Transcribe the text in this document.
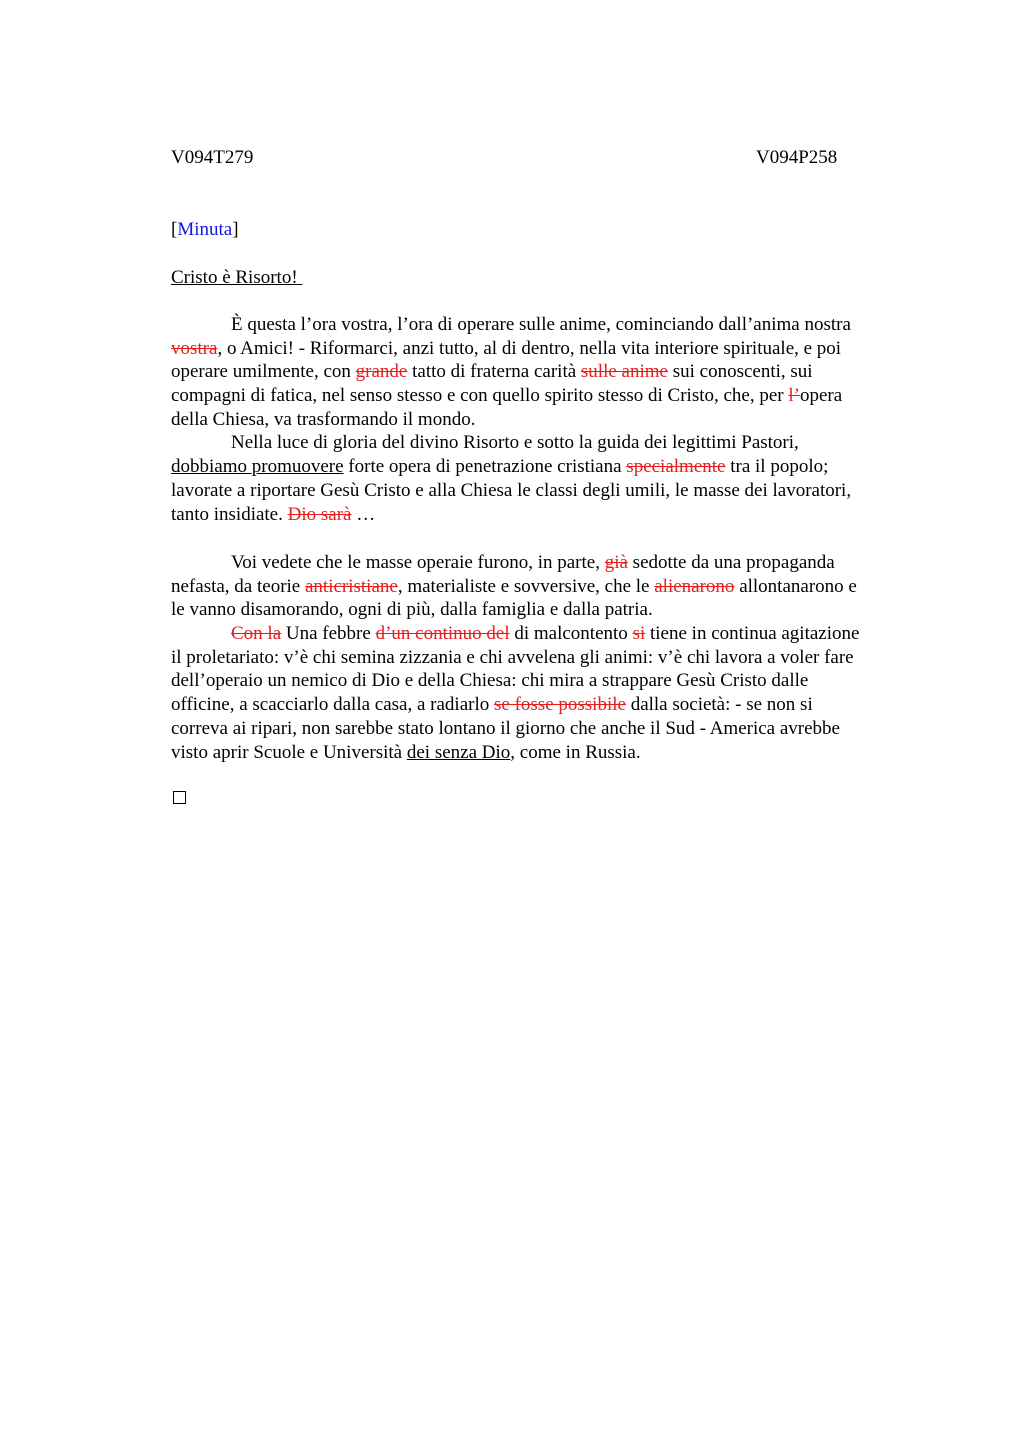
V094T279	V094P258
[Minuta]
Cristo è Risorto!
È questa l’ora vostra, l’ora di operare sulle anime, cominciando dall’anima nostra
vostra, o Amici! - Riformarci, anzi tutto, al di dentro, nella vita interiore spirituale, e poi
operare umilmente, con grande tatto di fraterna carità sulle anime sui conoscenti, sui
compagni di fatica, nel senso stesso e con quello spirito stesso di Cristo, che, per l’opera
della Chiesa, va trasformando il mondo.
Nella luce di gloria del divino Risorto e sotto la guida dei legittimi Pastori,
dobbiamo promuovere forte opera di penetrazione cristiana specialmente tra il popolo;
lavorate a riportare Gesù Cristo e alla Chiesa le classi degli umili, le masse dei lavoratori,
tanto insidiate. Dio sarà …
Voi vedete che le masse operaie furono, in parte, già sedotte da una propaganda
nefasta, da teorie anticristiane, materialiste e sovversive, che le alienarono allontanarono e
le vanno disamorando, ogni di più, dalla famiglia e dalla patria.
Con la Una febbre d’un continuo del di malcontento si tiene in continua agitazione
il proletariato: v’è chi semina zizzania e chi avvelena gli animi: v’è chi lavora a voler fare
dell’operaio un nemico di Dio e della Chiesa: chi mira a strappare Gesù Cristo dalle
officine, a scacciarlo dalla casa, a radiarlo se fosse possibile dalla società: - se non si
correva ai ripari, non sarebbe stato lontano il giorno che anche il Sud - America avrebbe
visto aprir Scuole e Università dei senza Dio, come in Russia.
